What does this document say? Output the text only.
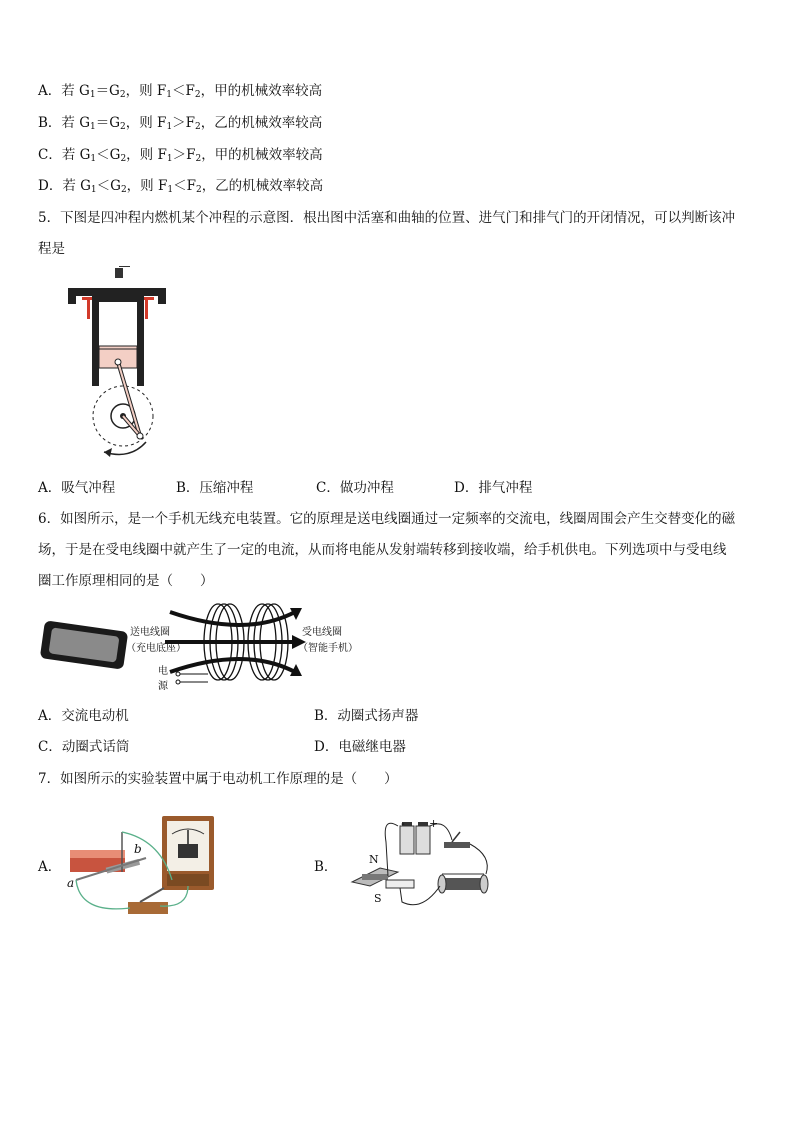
A．若 $G_1=G_2$，则 $F_1<F_2$，甲的机械效率较高
B．若 $G_1=G_2$，则 $F_1>F_2$，乙的机械效率较高
C．若 $G_1<G_2$，则 $F_1>F_2$，甲的机械效率较高
D．若 $G_1<G_2$，则 $F_1<F_2$，乙的机械效率较高
5．下图是四冲程内燃机某个冲程的示意图．根出图中活塞和曲轴的位置、进气门和排气门的开闭情况，可以判断该冲
程是
A．吸气冲程	B．压缩冲程	C．做功冲程	D．排气冲程
6．如图所示，是一个手机无线充电装置。它的原理是送电线圈通过一定频率的交流电，线圈周围会产生交替变化的磁
场，于是在受电线圈中就产生了一定的电流，从而将电能从发射端转移到接收端，给手机供电。下列选项中与受电线
圈工作原理相同的是（　　）
送电线圈
（充电底座）
受电线圈
（智能手机）
电
源
A．交流电动机	B．动圈式扬声器
C．动圈式话筒	D．电磁继电器
7．如图所示的实验装置中属于电动机工作原理的是（　　）
A．
a
b
B．	N
S
- +
